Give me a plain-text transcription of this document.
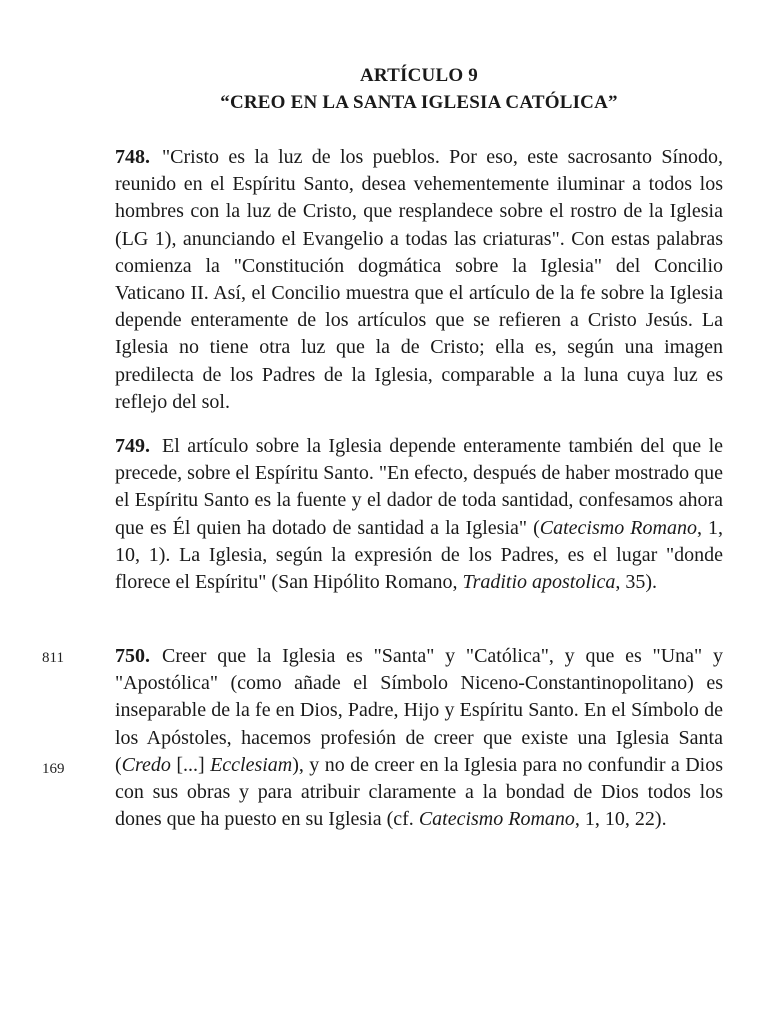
ARTÍCULO 9
“CREO EN LA SANTA IGLESIA CATÓLICA”
748. "Cristo es la luz de los pueblos. Por eso, este sacrosanto Sínodo, reunido en el Espíritu Santo, desea vehementemente iluminar a todos los hombres con la luz de Cristo, que resplandece sobre el rostro de la Iglesia (LG 1), anunciando el Evangelio a todas las criaturas". Con estas palabras comienza la "Constitución dogmática sobre la Iglesia" del Concilio Vaticano II. Así, el Concilio muestra que el artículo de la fe sobre la Iglesia depende enteramente de los artículos que se refieren a Cristo Jesús. La Iglesia no tiene otra luz que la de Cristo; ella es, según una imagen predilecta de los Padres de la Iglesia, comparable a la luna cuya luz es reflejo del sol.
749. El artículo sobre la Iglesia depende enteramente también del que le precede, sobre el Espíritu Santo. "En efecto, después de haber mostrado que el Espíritu Santo es la fuente y el dador de toda santidad, confesamos ahora que es Él quien ha dotado de santidad a la Iglesia" (Catecismo Romano, 1, 10, 1). La Iglesia, según la expresión de los Padres, es el lugar "donde florece el Espíritu" (San Hipólito Romano, Traditio apostolica, 35).
811
169
750. Creer que la Iglesia es "Santa" y "Católica", y que es "Una" y "Apostólica" (como añade el Símbolo Niceno-Constantinopolitano) es inseparable de la fe en Dios, Padre, Hijo y Espíritu Santo. En el Símbolo de los Apóstoles, hacemos profesión de creer que existe una Iglesia Santa (Credo [...] Ecclesiam), y no de creer en la Iglesia para no confundir a Dios con sus obras y para atribuir claramente a la bondad de Dios todos los dones que ha puesto en su Iglesia (cf. Catecismo Romano, 1, 10, 22).
